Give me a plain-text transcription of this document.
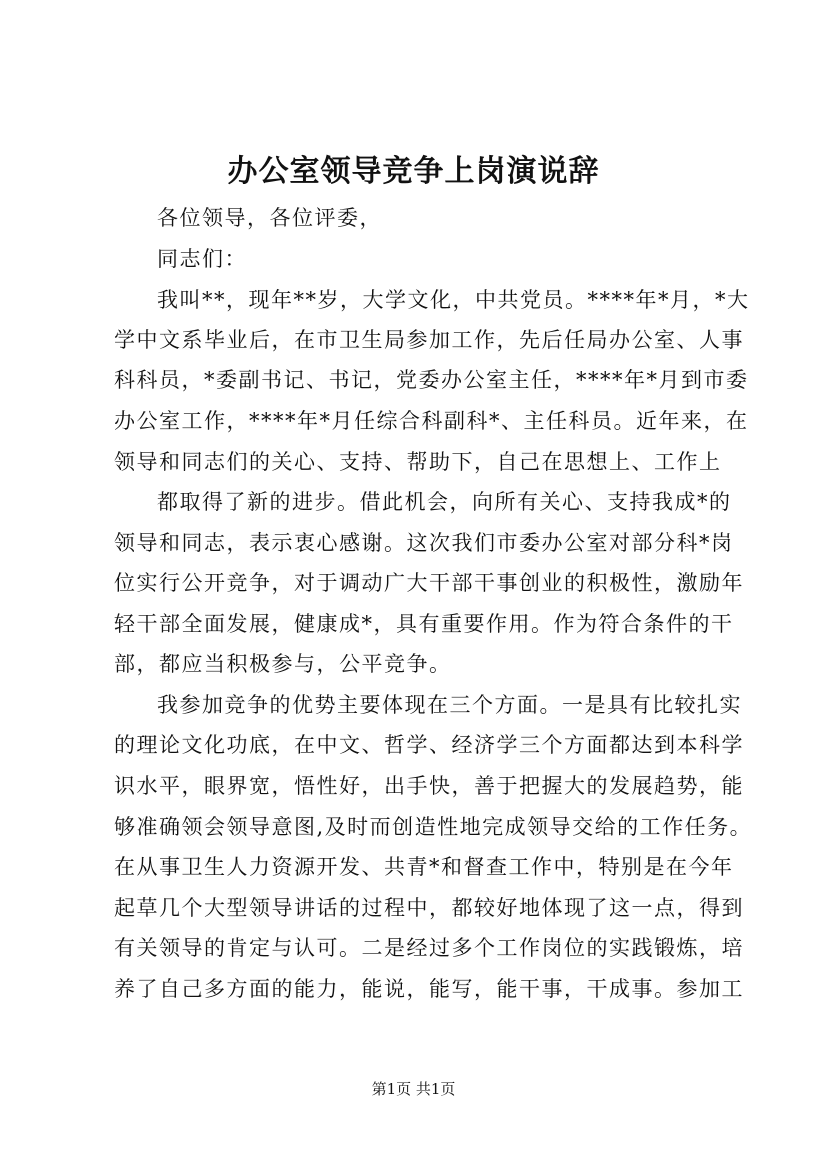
办公室领导竞争上岗演说辞
各位领导，各位评委，
同志们：
我叫**，现年**岁，大学文化，中共党员。****年*月，*大
学中文系毕业后，在市卫生局参加工作，先后任局办公室、人事
科科员，*委副书记、书记，党委办公室主任，****年*月到市委
办公室工作，****年*月任综合科副科*、主任科员。近年来，在
领导和同志们的关心、支持、帮助下，自己在思想上、工作上
都取得了新的进步。借此机会，向所有关心、支持我成*的
领导和同志，表示衷心感谢。这次我们市委办公室对部分科*岗
位实行公开竞争，对于调动广大干部干事创业的积极性，激励年
轻干部全面发展，健康成*，具有重要作用。作为符合条件的干
部，都应当积极参与，公平竞争。
我参加竞争的优势主要体现在三个方面。一是具有比较扎实
的理论文化功底，在中文、哲学、经济学三个方面都达到本科学
识水平，眼界宽，悟性好，出手快，善于把握大的发展趋势，能
够准确领会领导意图,及时而创造性地完成领导交给的工作任务。
在从事卫生人力资源开发、共青*和督查工作中，特别是在今年
起草几个大型领导讲话的过程中，都较好地体现了这一点，得到
有关领导的肯定与认可。二是经过多个工作岗位的实践锻炼，培
养了自己多方面的能力，能说，能写，能干事，干成事。参加工
第1页 共1页
